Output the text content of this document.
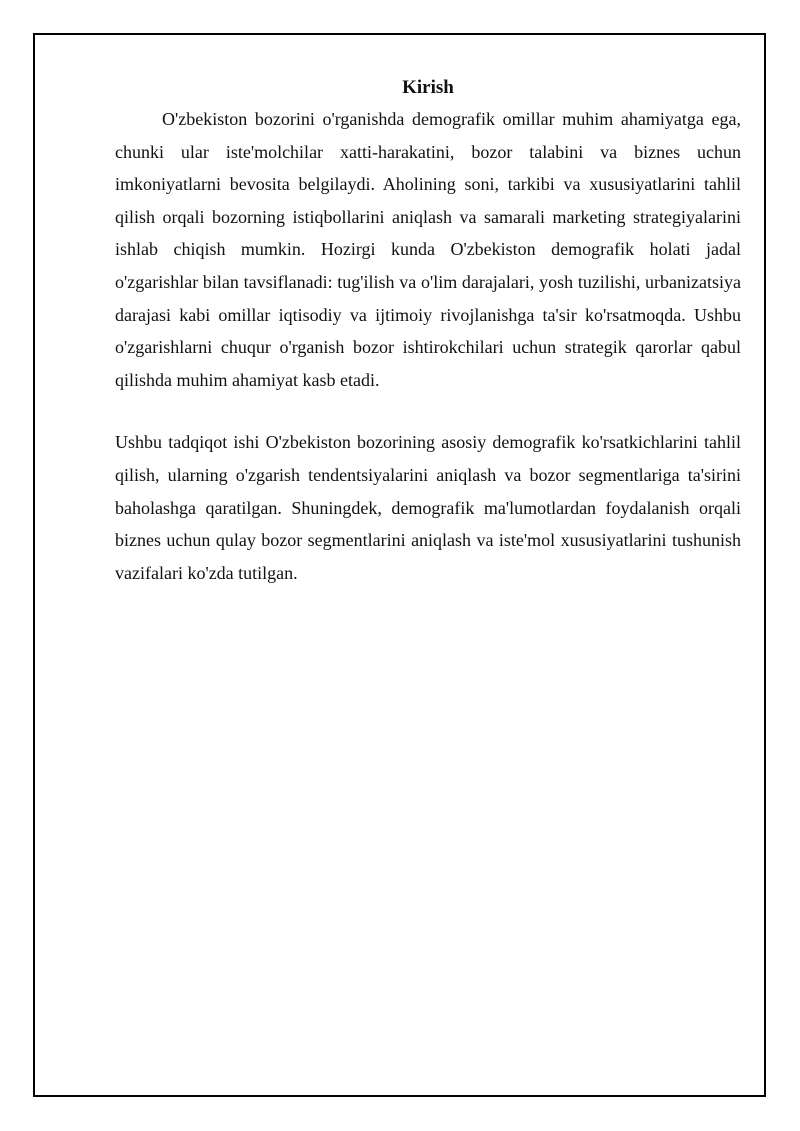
Kirish

O'zbekiston bozorini o'rganishda demografik omillar muhim ahamiyatga ega, chunki ular iste'molchilar xatti-harakatini, bozor talabini va biznes uchun imkoniyatlarni bevosita belgilaydi. Aholining soni, tarkibi va xususiyatlarini tahlil qilish orqali bozorning istiqbollarini aniqlash va samarali marketing strategiyalarini ishlab chiqish mumkin. Hozirgi kunda O'zbekiston demografik holati jadal o'zgarishlar bilan tavsiflanadi: tug'ilish va o'lim darajalari, yosh tuzilishi, urbanizatsiya darajasi kabi omillar iqtisodiy va ijtimoiy rivojlanishga ta'sir ko'rsatmoqda. Ushbu o'zgarishlarni chuqur o'rganish bozor ishtirokchilari uchun strategik qarorlar qabul qilishda muhim ahamiyat kasb etadi.

Ushbu tadqiqot ishi O'zbekiston bozorining asosiy demografik ko'rsatkichlarini tahlil qilish, ularning o'zgarish tendentsiyalarini aniqlash va bozor segmentlariga ta'sirini baholashga qaratilgan. Shuningdek, demografik ma'lumotlardan foydalanish orqali biznes uchun qulay bozor segmentlarini aniqlash va iste'mol xususiyatlarini tushunish vazifalari ko'zda tutilgan.
